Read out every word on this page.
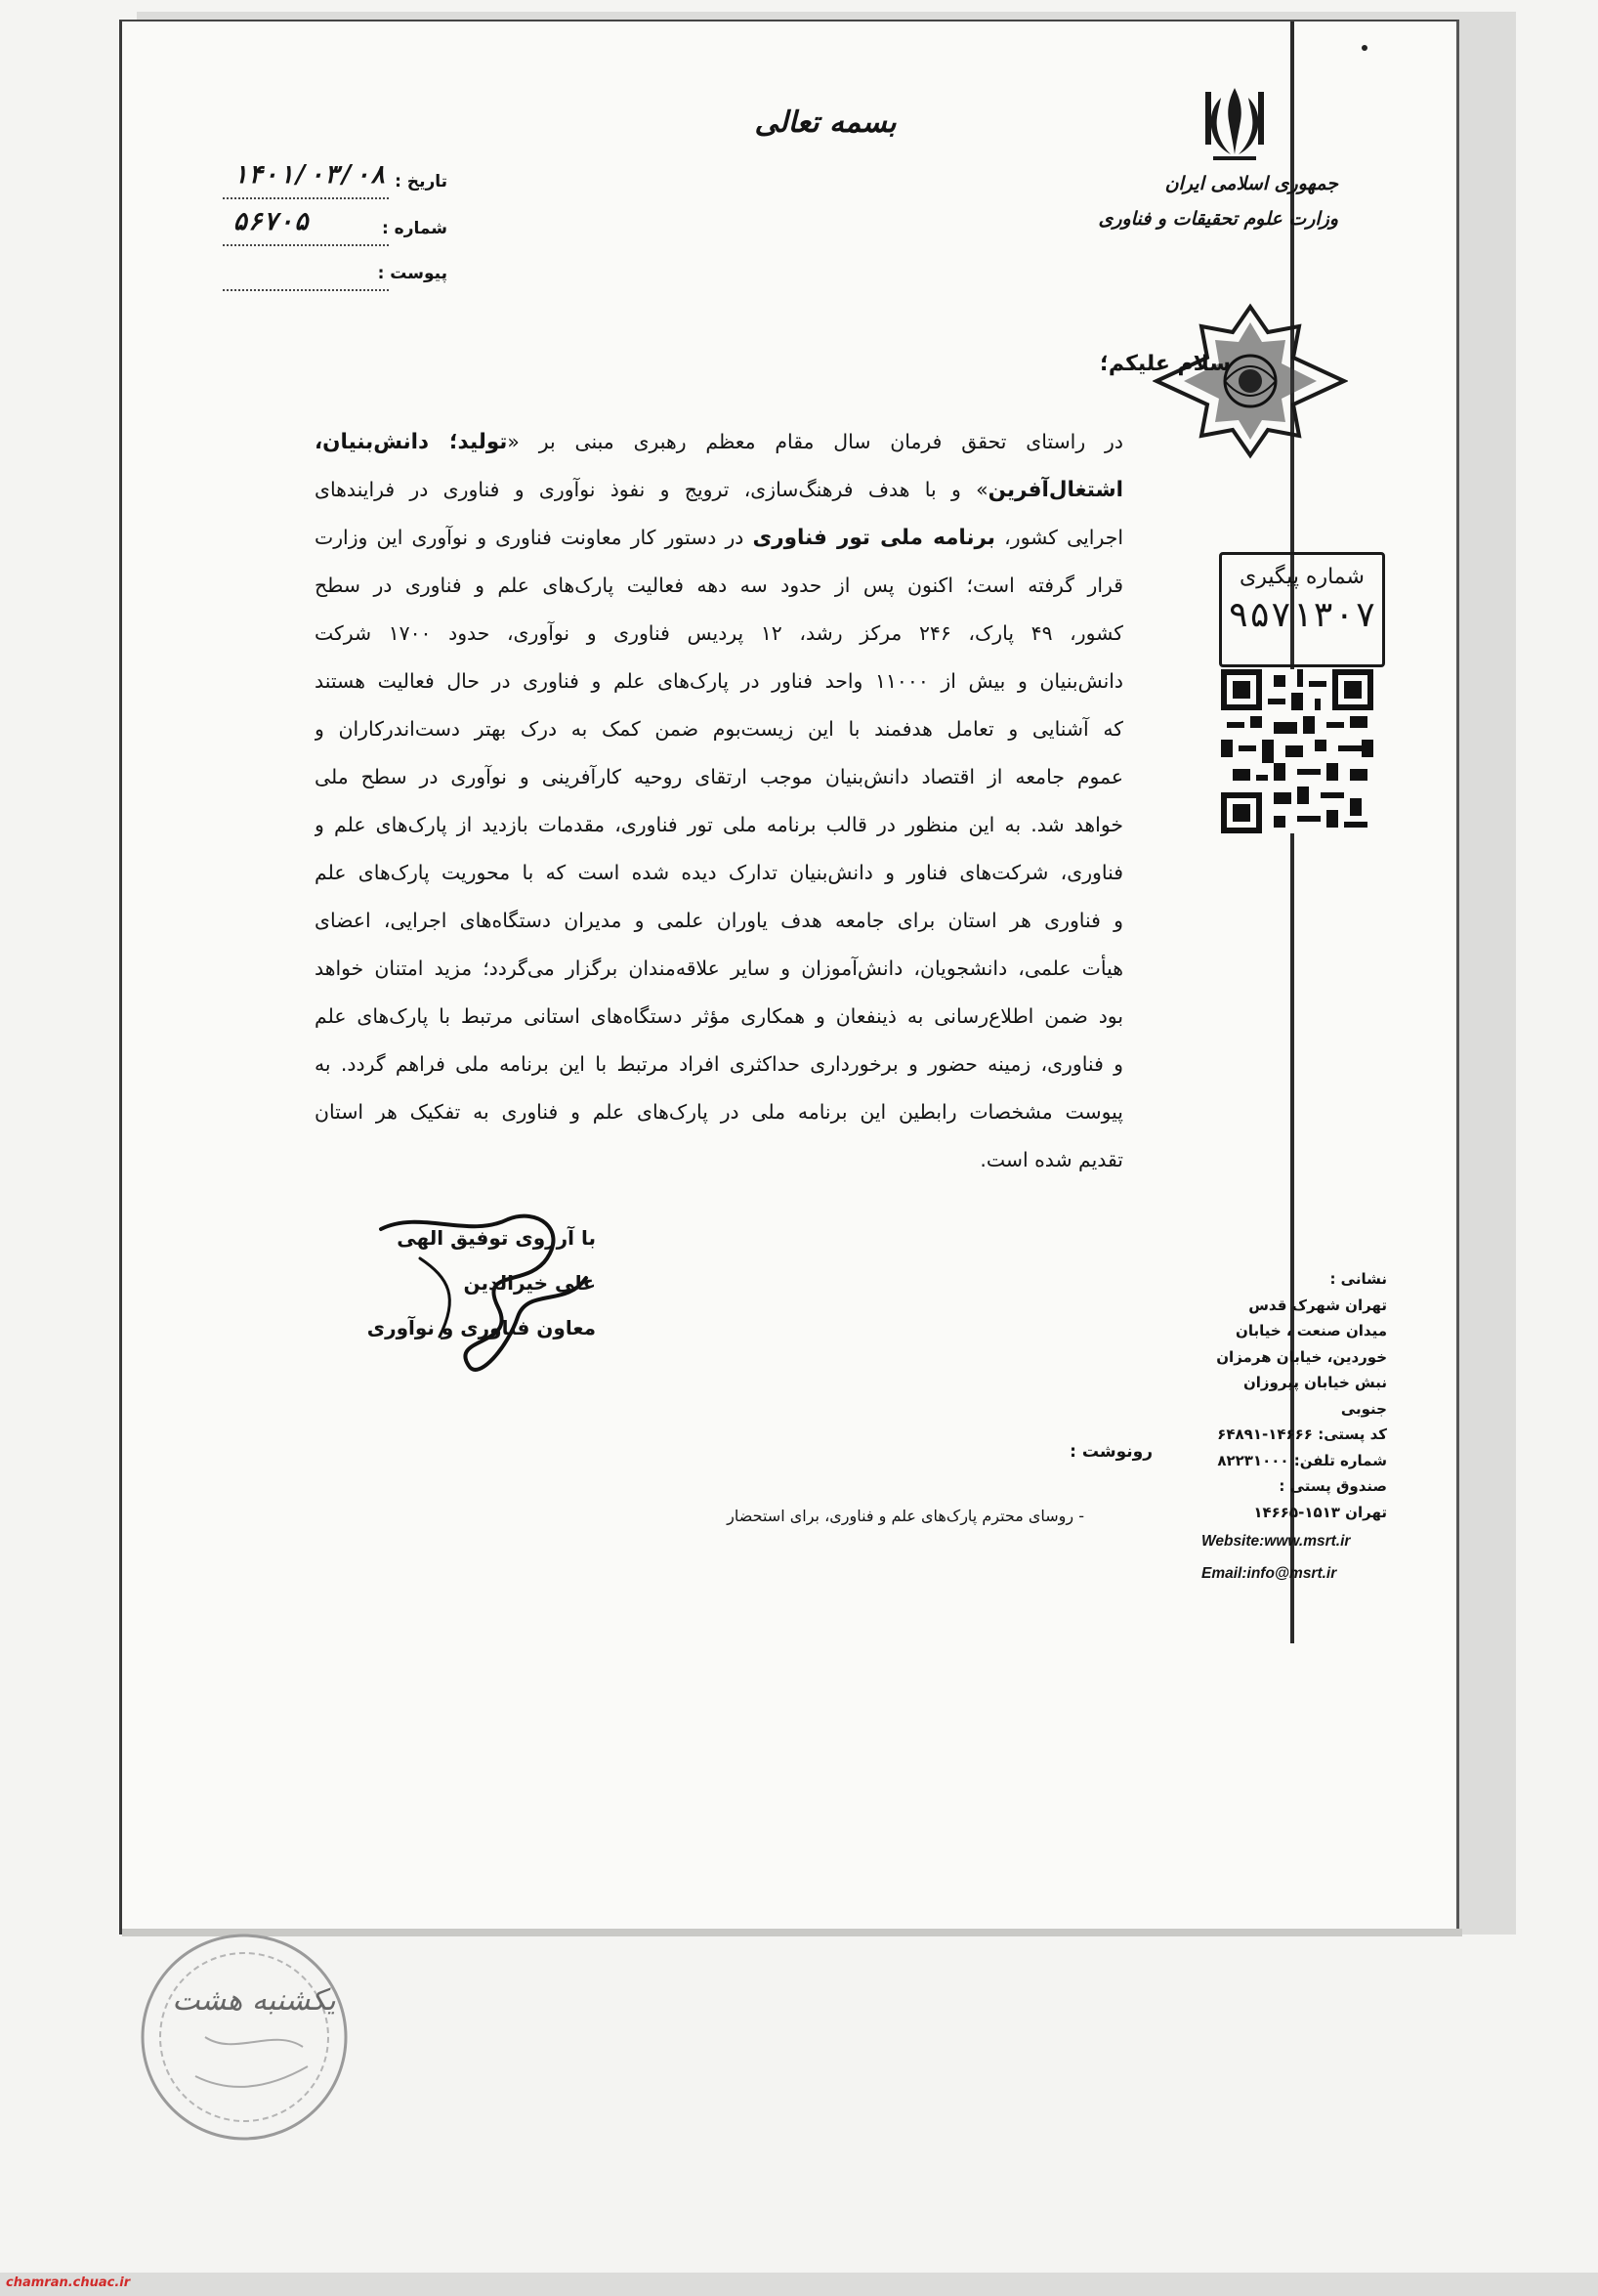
بسمه تعالی
جمهوری اسلامی ایران
وزارت علوم تحقیقات و فناوری
تاریخ :
۱۴۰۱/۰۳/۰۸
شماره :
۵۶۷۰۵
پیوست :
شماره پیگیری
۹۵۷۱۳۰۷
سلام علیکم؛
در راستای تحقق فرمان سال مقام معظم رهبری مبنی بر «تولید؛ دانش‌بنیان،
اشتغال‌آفرین» و با هدف فرهنگ‌سازی، ترویج و نفوذ نوآوری و فناوری در فرایندهای
اجرایی کشور، برنامه ملی تور فناوری در دستور کار معاونت فناوری و نوآوری این وزارت
قرار گرفته است؛ اکنون پس از حدود سه دهه فعالیت پارک‌های علم و فناوری در سطح
کشور، ۴۹ پارک، ۲۴۶ مرکز رشد، ۱۲ پردیس فناوری و نوآوری، حدود ۱۷۰۰ شرکت
دانش‌بنیان و بیش از ۱۱۰۰۰ واحد فناور در پارک‌های علم و فناوری در حال فعالیت هستند
که آشنایی و تعامل هدفمند با این زیست‌بوم ضمن کمک به درک بهتر دست‌اندرکاران و
عموم جامعه از اقتصاد دانش‌بنیان موجب ارتقای روحیه کارآفرینی و نوآوری در سطح ملی
خواهد شد. به این منظور در قالب برنامه ملی تور فناوری، مقدمات بازدید از پارک‌های علم و
فناوری، شرکت‌های فناور و دانش‌بنیان تدارک دیده شده است که با محوریت پارک‌های علم
و فناوری هر استان برای جامعه هدف یاوران علمی و مدیران دستگاه‌های اجرایی، اعضای
هیأت علمی، دانشجویان، دانش‌آموزان و سایر علاقه‌مندان برگزار می‌گردد؛ مزید امتنان خواهد
بود ضمن اطلاع‌رسانی به ذینفعان و همکاری مؤثر دستگاه‌های استانی مرتبط با پارک‌های علم
و فناوری، زمینه حضور و برخورداری حداکثری افراد مرتبط با این برنامه ملی فراهم گردد. به
پیوست مشخصات رابطین این برنامه ملی در پارک‌های علم و فناوری به تفکیک هر استان
تقدیم شده است.
با آرزوی توفیق الهی
علی خیرالدین
معاون فناوری و نوآوری
نشانی :
تهران شهرک قدس
میدان صنعت ، خیابان
خوردین، خیابان هرمزان
نبش خیابان پیروزان جنوبی
کد پستی: ۱۴۶۶۶-۶۴۸۹۱
شماره تلفن: ۸۲۲۳۱۰۰۰
صندوق پستی :
تهران ۱۵۱۳-۱۴۶۶۵
Website:www.msrt.ir
Email:info@msrt.ir
رونوشت :
- روسای محترم پارک‌های علم و فناوری، برای استحضار
یکشنبه هشت
chamran.chuac.ir
